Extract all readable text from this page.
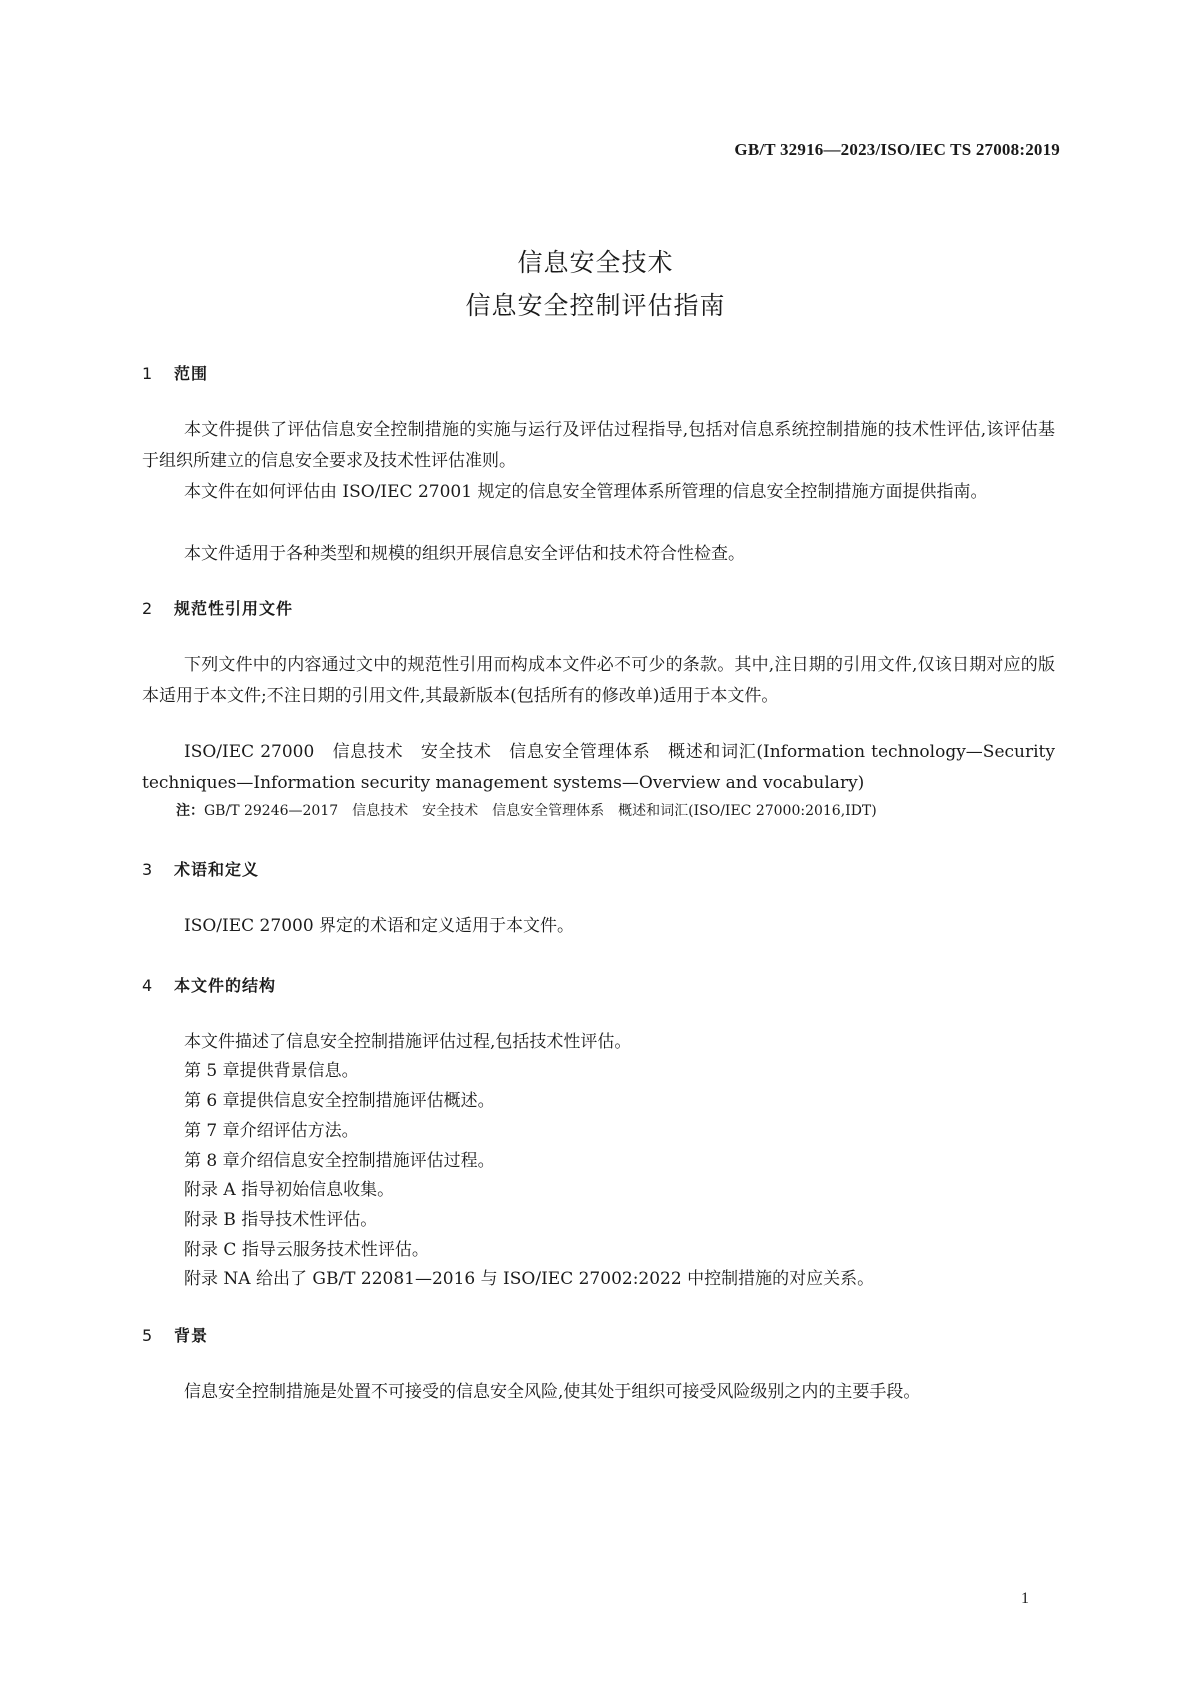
GB/T 32916—2023/ISO/IEC TS 27008:2019
信息安全技术
信息安全控制评估指南
1 范围
本文件提供了评估信息安全控制措施的实施与运行及评估过程指导,包括对信息系统控制措施的技术性评估,该评估基于组织所建立的信息安全要求及技术性评估准则。
本文件在如何评估由 ISO/IEC 27001 规定的信息安全管理体系所管理的信息安全控制措施方面提供指南。
本文件适用于各种类型和规模的组织开展信息安全评估和技术符合性检查。
2 规范性引用文件
下列文件中的内容通过文中的规范性引用而构成本文件必不可少的条款。其中,注日期的引用文件,仅该日期对应的版本适用于本文件;不注日期的引用文件,其最新版本(包括所有的修改单)适用于本文件。
ISO/IEC 27000　信息技术　安全技术　信息安全管理体系　概述和词汇(Information technology—Security techniques—Information security management systems—Overview and vocabulary)
注：GB/T 29246—2017　信息技术　安全技术　信息安全管理体系　概述和词汇(ISO/IEC 27000:2016,IDT)
3 术语和定义
ISO/IEC 27000 界定的术语和定义适用于本文件。
4 本文件的结构
本文件描述了信息安全控制措施评估过程,包括技术性评估。
第 5 章提供背景信息。
第 6 章提供信息安全控制措施评估概述。
第 7 章介绍评估方法。
第 8 章介绍信息安全控制措施评估过程。
附录 A 指导初始信息收集。
附录 B 指导技术性评估。
附录 C 指导云服务技术性评估。
附录 NA 给出了 GB/T 22081—2016 与 ISO/IEC 27002:2022 中控制措施的对应关系。
5 背景
信息安全控制措施是处置不可接受的信息安全风险,使其处于组织可接受风险级别之内的主要手段。
1
